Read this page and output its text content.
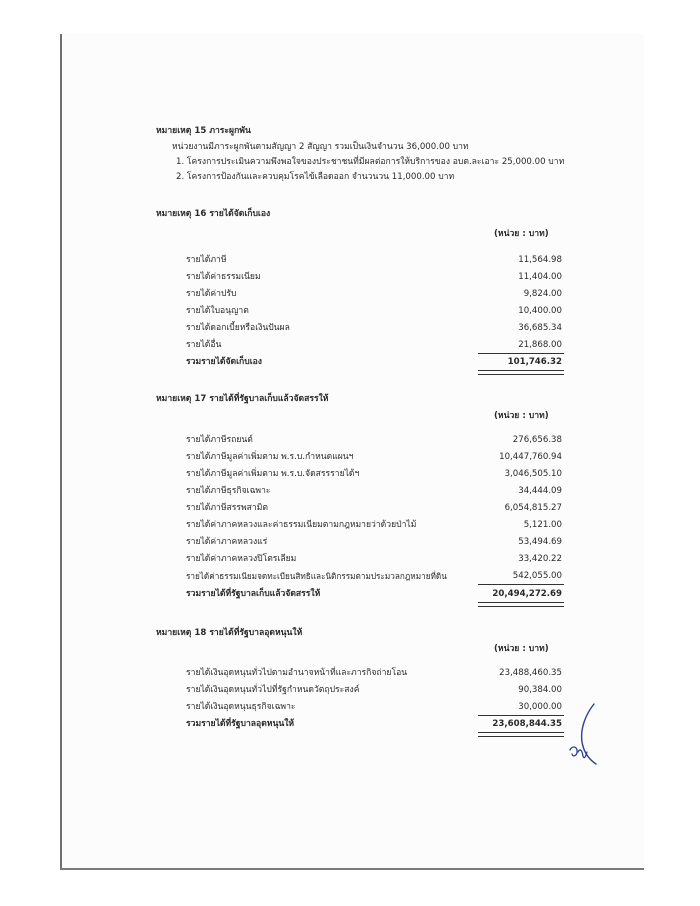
หมายเหตุ 15 ภาระผูกพัน
หน่วยงานมีภาระผูกพันตามสัญญา 2 สัญญา รวมเป็นเงินจำนวน 36,000.00 บาท
1. โครงการประเมินความพึงพอใจของประชาชนที่มีผลต่อการให้บริการของ อบต.ละเอาะ 25,000.00 บาท
2. โครงการป้องกันและควบคุมโรคไข้เลือดออก จำนวนวน 11,000.00 บาท
หมายเหตุ 16 รายได้จัดเก็บเอง
(หน่วย : บาท)
รายได้ภาษี	11,564.98
รายได้ค่าธรรมเนียม	11,404.00
รายได้ค่าปรับ	9,824.00
รายได้ใบอนุญาต	10,400.00
รายได้ดอกเบี้ยหรือเงินปันผล	36,685.34
รายได้อื่น	21,868.00
รวมรายได้จัดเก็บเอง	101,746.32
หมายเหตุ 17 รายได้ที่รัฐบาลเก็บแล้วจัดสรรให้
(หน่วย : บาท)
รายได้ภาษีรถยนต์	276,656.38
รายได้ภาษีมูลค่าเพิ่มตาม พ.ร.บ.กำหนดแผนฯ	10,447,760.94
รายได้ภาษีมูลค่าเพิ่มตาม พ.ร.บ.จัดสรรรายได้ฯ	3,046,505.10
รายได้ภาษีธุรกิจเฉพาะ	34,444.09
รายได้ภาษีสรรพสามิต	6,054,815.27
รายได้ค่าภาคหลวงและค่าธรรมเนียมตามกฎหมายว่าด้วยป่าไม้	5,121.00
รายได้ค่าภาคหลวงแร่	53,494.69
รายได้ค่าภาคหลวงปิโตรเลียม	33,420.22
รายได้ค่าธรรมเนียมจดทะเบียนสิทธิและนิติกรรมตามประมวลกฎหมายที่ดิน	542,055.00
รวมรายได้ที่รัฐบาลเก็บแล้วจัดสรรให้	20,494,272.69
หมายเหตุ 18 รายได้ที่รัฐบาลอุดหนุนให้
(หน่วย : บาท)
รายได้เงินอุดหนุนทั่วไปตามอำนาจหน้าที่และภารกิจถ่ายโอน	23,488,460.35
รายได้เงินอุดหนุนทั่วไปที่รัฐกำหนดวัตถุประสงค์	90,384.00
รายได้เงินอุดหนุนธุรกิจเฉพาะ	30,000.00
รวมรายได้ที่รัฐบาลอุดหนุนให้	23,608,844.35
